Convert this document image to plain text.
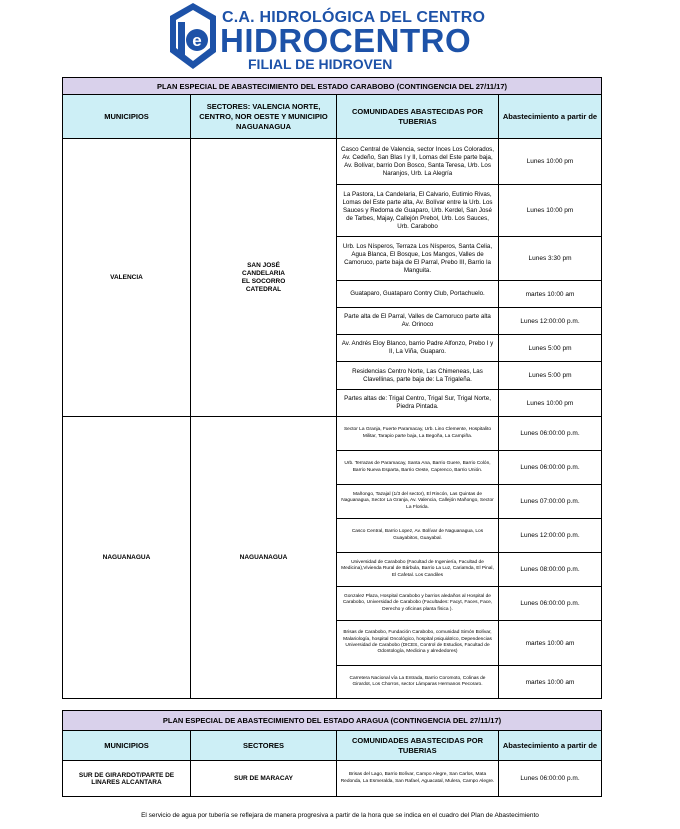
e
C.A. HIDROLÓGICA DEL CENTRO
HIDROCENTRO
FILIAL DE HIDROVEN
PLAN ESPECIAL DE ABASTECIMIENTO DEL ESTADO CARABOBO (CONTINGENCIA DEL 27/11/17)			
MUNICIPIOS	SECTORES: VALENCIA NORTE, CENTRO, NOR OESTE Y MUNICIPIO NAGUANAGUA	COMUNIDADES ABASTECIDAS POR TUBERIAS	Abastecimiento a partir de
VALENCIA	SAN JOSÉ
CANDELARIA
EL SOCORRO
CATEDRAL	Casco Central de Valencia, sector Inces Los Colorados, Av. Cedeño, San Blas I y II, Lomas del Este parte baja, Av. Bolívar, barrio Don Bosco, Santa Teresa, Urb. Los Naranjos, Urb. La Alegría	Lunes 10:00 pm
		La Pastora, La Candelaria, El Calvario, Eutimio Rivas, Lomas del Este parte alta, Av. Bolívar entre la Urb. Los Sauces y Redoma de Guaparo, Urb. Kerdel, San José de Tarbes, Majay, Callejón Prebol, Urb. Los Sauces, Urb. Carabobo	Lunes 10:00 pm
		Urb. Los Nísperos, Terraza Los Nísperos, Santa Celia, Agua Blanca, El Bosque, Los Mangos, Valles de Camoruco, parte baja de El Parral, Prebo III, Barrio la Manguita.	Lunes 3:30 pm
		Guataparo, Guataparo Contry Club, Portachuelo.	martes 10:00 am
		Parte alta de El Parral, Valles de Camoruco parte alta Av. Orinoco	Lunes 12:00:00 p.m.
		Av. Andrés Eloy Blanco, barrio Padre Alfonzo, Prebo I y II, La Viña, Guaparo.	Lunes 5:00 pm
		Residencias Centro Norte, Las Chimeneas, Las Clavellinas, parte baja de: La Trigaleña.	Lunes 5:00 pm
		Partes altas de: Trigal Centro, Trigal Sur, Trigal Norte, Piedra Pintada.	Lunes 10:00 pm
NAGUANAGUA	NAGUANAGUA	Sector La Granja, Fuerte Paramacay, Urb. Lino Clemente, Hospitalito Militar, Tarapio parte baja, La Begoña, La Campiña.	Lunes 06:00:00 p.m.
		Urb. Terrazas de Paramacay, Santa Ana, Barrio Guere, Barrio Colón, Barrio Nueva Esparta, Barrio Oeste, Caprenco, Barrio Unión.	Lunes 06:00:00 p.m.
		Mañongo, Tazajal (1/3 del sector), El Rincón, Las Quintas de Naguanagua, Sector La Granja, Av. Valencia, Callejón Mañongo, Sector La Florida.	Lunes 07:00:00 p.m.
		Casco Central, Barrio Lopez, Av. Bolívar de Naguanagua, Los Guayabitos, Guayabal.	Lunes 12:00:00 p.m.
		Universidad de Carabobo (Facultad de Ingeniería, Facultad de Medicina),Vivienda Rural de Bárbula, Barrio La Luz, Cariaïnda, El Pinal, El Cafetal. Los Candiles	Lunes 08:00:00 p.m.
		Gonzalez Plaza, Hospital Carabobo y barrios aledaños al Hospital de Carabobo, Universidad de Carabobo (Facultades: Facyt, Faces, Face, Derecho y oficinas planta física ).	Lunes 06:00:00 p.m.
		Brisas de Carabobo, Fundación Carabobo, comunidad Simón Bolívar, Malariología, hospital Oncológico, hospital psiquiátrico, Dependencias Universidad de Carabobo (DICES, Control de Estudios, Facultad de Odontología, Medicina y alrededores)	martes 10:00 am
		Carretera Nacional vía La Entrada, Barrio Coromoto, Colinas de Girardot, Los Chorros, sector Lámparas Hermanos Pecoraro.	martes 10:00 am
PLAN ESPECIAL DE ABASTECIMIENTO DEL ESTADO ARAGUA (CONTINGENCIA DEL 27/11/17)			
MUNICIPIOS	SECTORES	COMUNIDADES ABASTECIDAS POR TUBERIAS	Abastecimiento a partir de
SUR DE GIRARDOT/PARTE DE LINARES ALCANTARA	SUR DE MARACAY	Brisas del Lago, Barrio Bolívar, Campo Alegre, San Carlos, Mata Redonda, La Esmeralda, San Rafael, Aguacatal, Mulera, Campo Alegre.	Lunes 06:00:00 p.m.
El servicio de agua por tubería se reflejara de manera progresiva a partir de la hora que se indica en el cuadro del Plan de Abastecimiento
